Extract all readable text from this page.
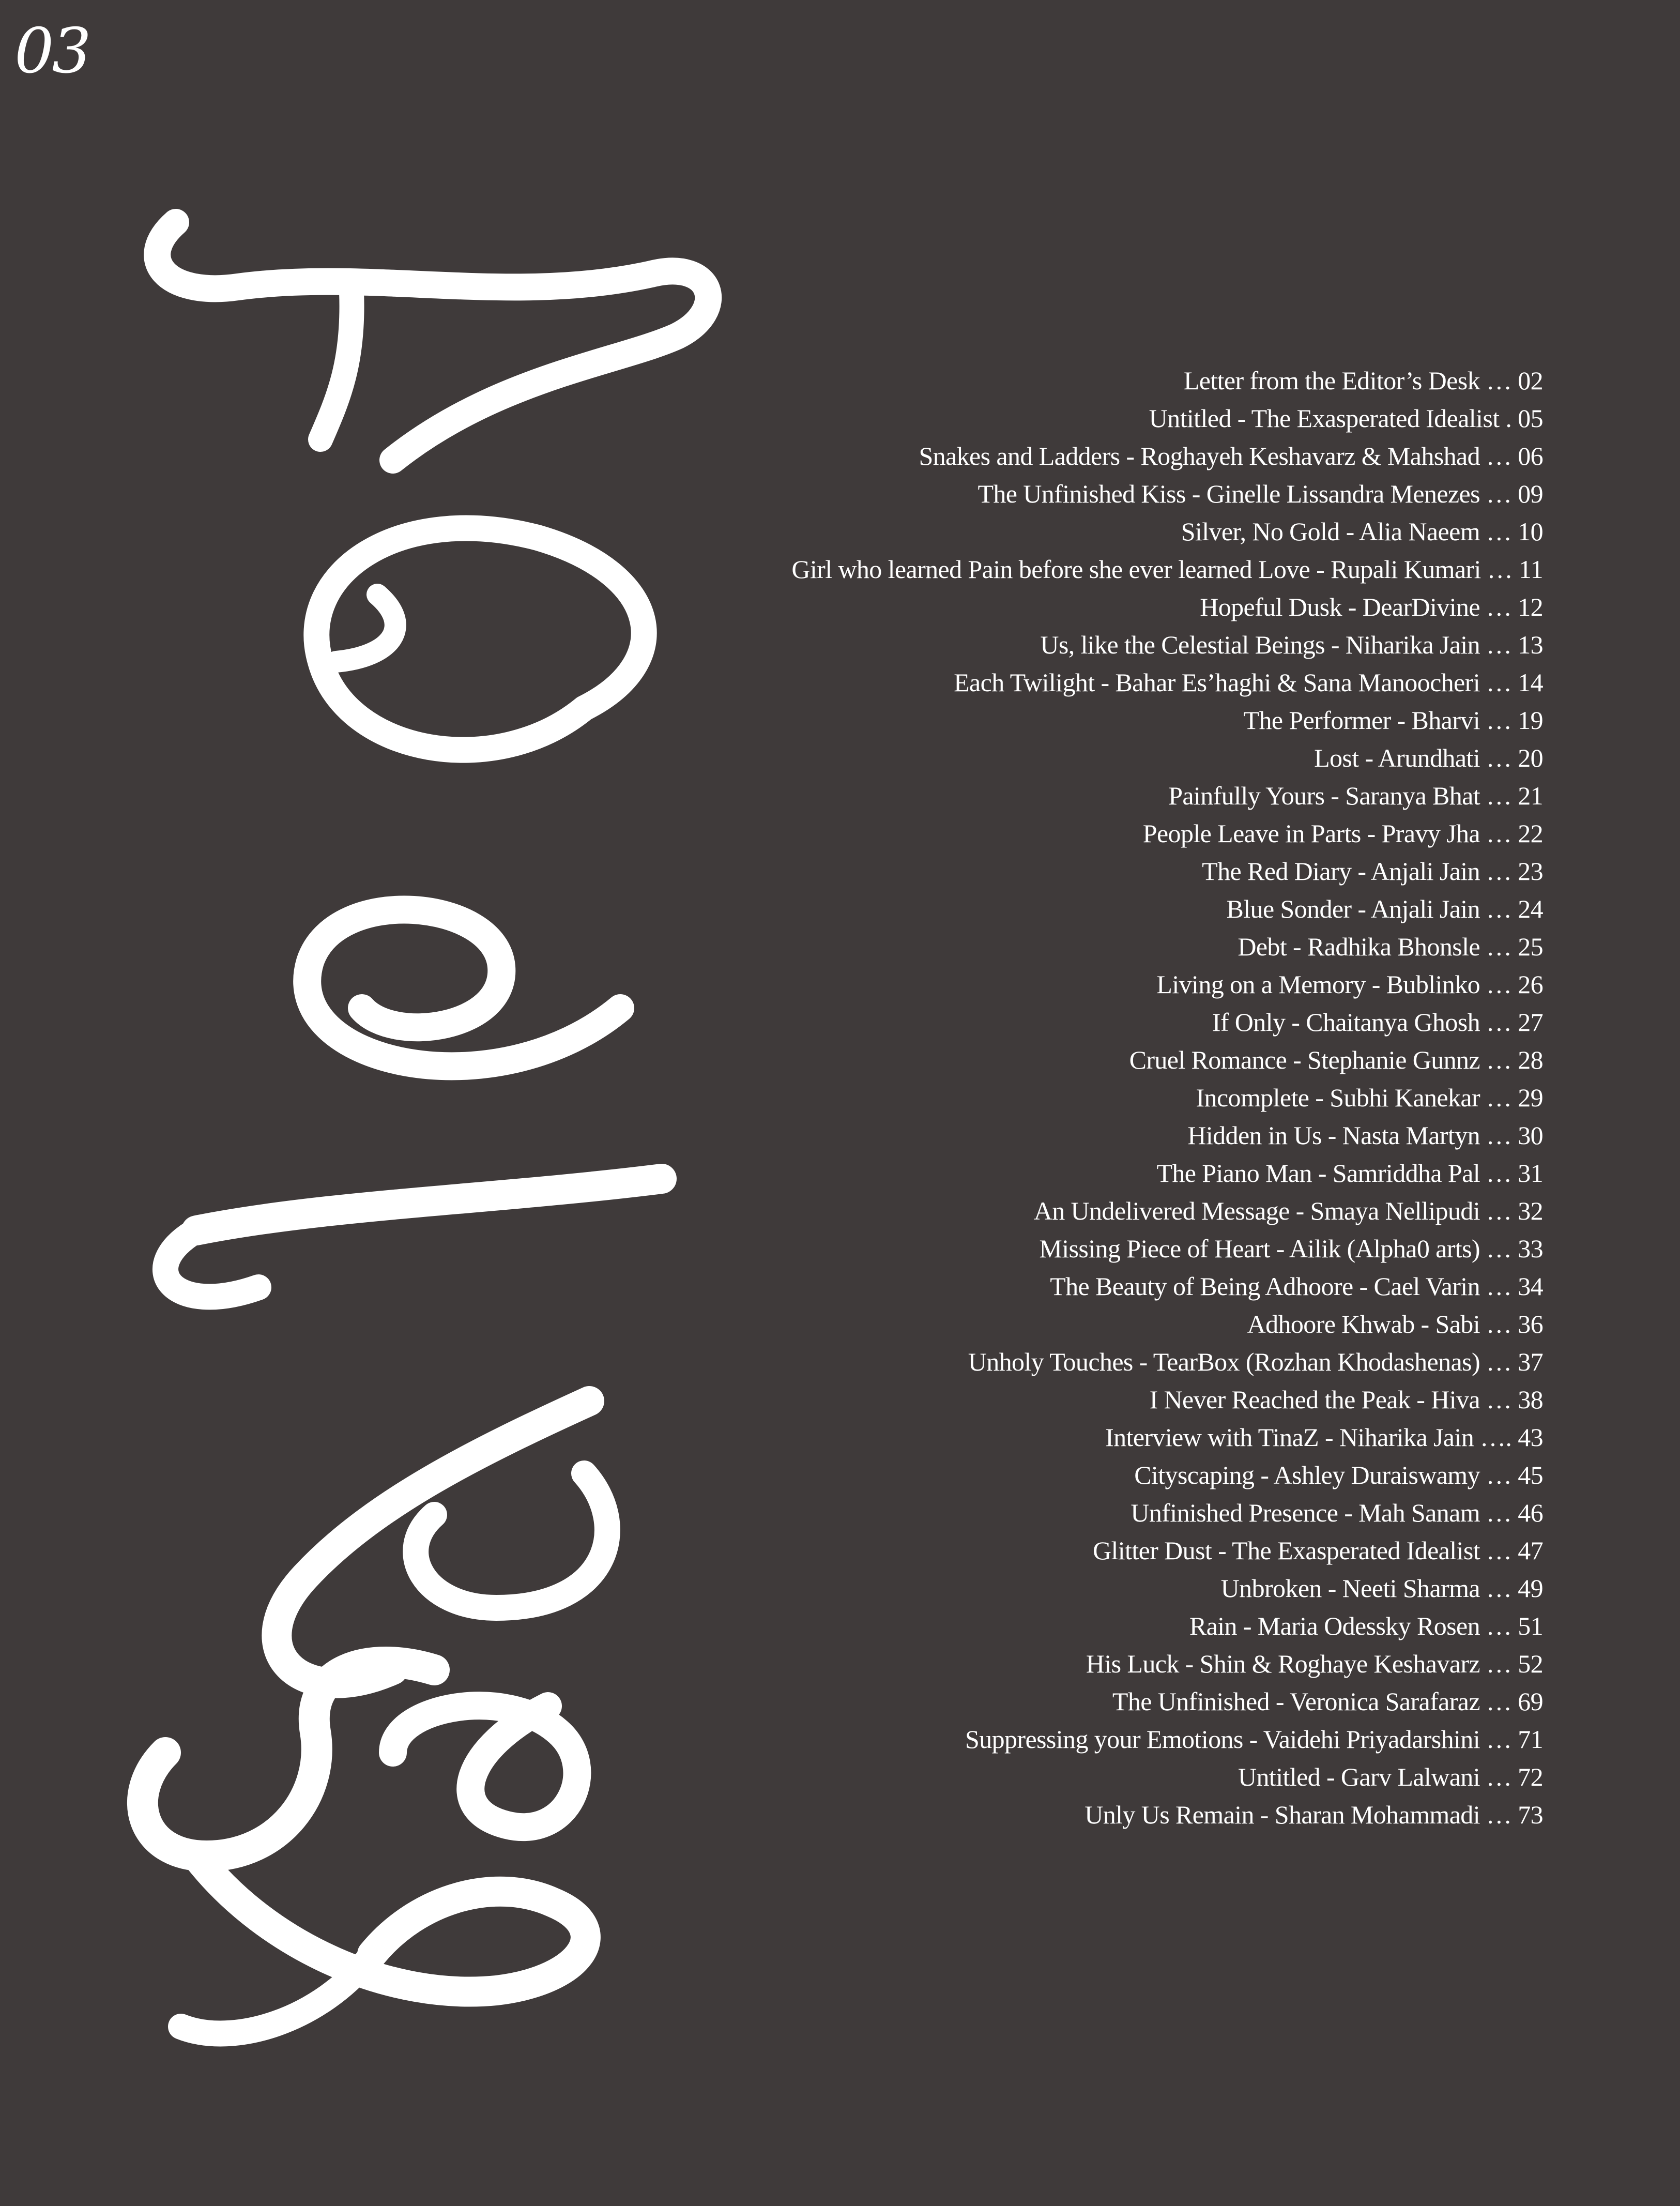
03
Letter from the Editor’s Desk … 02
Untitled - The Exasperated Idealist . 05
Snakes and Ladders - Roghayeh Keshavarz & Mahshad … 06
The Unfinished Kiss - Ginelle Lissandra Menezes … 09
Silver, No Gold - Alia Naeem … 10
Girl who learned Pain before she ever learned Love - Rupali Kumari … 11
Hopeful Dusk - DearDivine … 12
Us, like the Celestial Beings - Niharika Jain … 13
Each Twilight - Bahar Es’haghi & Sana Manoocheri … 14
The Performer - Bharvi … 19
Lost - Arundhati … 20
Painfully Yours - Saranya Bhat … 21
People Leave in Parts - Pravy Jha … 22
The Red Diary - Anjali Jain … 23
Blue Sonder - Anjali Jain … 24
Debt - Radhika Bhonsle … 25
Living on a Memory - Bublinko … 26
If Only - Chaitanya Ghosh … 27
Cruel Romance - Stephanie Gunnz … 28
Incomplete - Subhi Kanekar … 29
Hidden in Us - Nasta Martyn … 30
The Piano Man - Samriddha Pal … 31
An Undelivered Message - Smaya Nellipudi … 32
Missing Piece of Heart - Ailik (Alpha0 arts) … 33
The Beauty of Being Adhoore - Cael Varin … 34
Adhoore Khwab - Sabi … 36
Unholy Touches - TearBox (Rozhan Khodashenas) … 37
I Never Reached the Peak - Hiva … 38
Interview with TinaZ - Niharika Jain …. 43
Cityscaping - Ashley Duraiswamy … 45
Unfinished Presence - Mah Sanam … 46
Glitter Dust - The Exasperated Idealist … 47
Unbroken - Neeti Sharma … 49
Rain - Maria Odessky Rosen … 51
His Luck - Shin & Roghaye Keshavarz … 52
The Unfinished - Veronica Sarafaraz … 69
Suppressing your Emotions - Vaidehi Priyadarshini … 71
Untitled - Garv Lalwani … 72
Unly Us Remain - Sharan Mohammadi … 73
